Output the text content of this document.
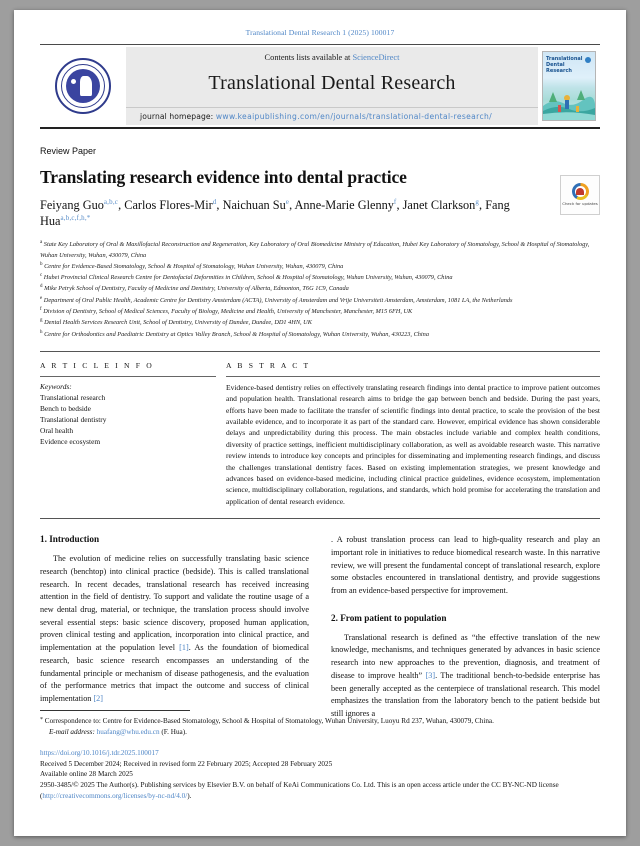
Translational Dental Research 1 (2025) 100017
Contents lists available at ScienceDirect
Translational Dental Research
journal homepage: www.keaipublishing.com/en/journals/translational-dental-research/
Translational Dental Research
Review Paper
Translating research evidence into dental practice
Feiyang Guo$^{a,b,c}$, Carlos Flores-Mir$^d$, Naichuan Su$^e$, Anne-Marie Glenny$^f$, Janet Clarkson$^g$, Fang Hua$^{a,b,c,f,h,*}$
Check for updates
$^a$ State Key Laboratory of Oral & Maxillofacial Reconstruction and Regeneration, Key Laboratory of Oral Biomedicine Ministry of Education, Hubei Key Laboratory of Stomatology, School & Hospital of Stomatology, Wuhan University, Wuhan, 430079, China
$^b$ Centre for Evidence-Based Stomatology, School & Hospital of Stomatology, Wuhan University, Wuhan, 430079, China
$^c$ Hubei Provincial Clinical Research Centre for Dentofacial Deformities in Children, School & Hospital of Stomatology, Wuhan University, Wuhan, 430079, China
$^d$ Mike Petryk School of Dentistry, Faculty of Medicine and Dentistry, University of Alberta, Edmonton, T6G 1C9, Canada
$^e$ Department of Oral Public Health, Academic Centre for Dentistry Amsterdam (ACTA), University of Amsterdam and Vrije Universiteit Amsterdam, Amsterdam, 1081 LA, the Netherlands
$^f$ Division of Dentistry, School of Medical Sciences, Faculty of Biology, Medicine and Health, University of Manchester, Manchester, M15 6FH, UK
$^g$ Dental Health Services Research Unit, School of Dentistry, University of Dundee, Dundee, DD1 4HN, UK
$^h$ Centre for Orthodontics and Paediatric Dentistry at Optics Valley Branch, School & Hospital of Stomatology, Wuhan University, Wuhan, 430223, China
A R T I C L E I N F O
Keywords:
Translational research
Bench to bedside
Translational dentistry
Oral health
Evidence ecosystem
A B S T R A C T
Evidence-based dentistry relies on effectively translating research findings into dental practice to improve patient outcomes and population health. Translational research aims to bridge the gap between bench and bedside. During the past years, efforts have been made to facilitate the transfer of scientific findings into dental practice, to scale the provision of the best available evidence, and to incorporate it as part of the standard care. However, empirical evidence has shown considerable delays and unpredictability during this process. The main obstacles include variable and complex health conditions, diversity of practice settings, inefficient multidisciplinary collaboration, as well as avoidable research waste. This narrative review intends to introduce key concepts and principles for disseminating and implementing research findings, and discuss the challenges translational dentistry faces. Based on existing implementation strategies, we present knowledge and advances based on evidence-based medicine, including clinical practice guidelines, evidence ecosystem, implementation science, multidisciplinary collaboration, regulations, and standards, which hold promise for accelerating the translation and application of dental research evidence.
1. Introduction

The evolution of medicine relies on successfully translating basic science research (benchtop) into clinical practice (bedside). This is called translational research. In recent decades, translational research has received increasing attention in the field of dentistry. To support and validate the routine usage of a new dental drug, material, or technique, the translation process should involve several essential steps: basic science discovery, proposed human application, proven clinical testing and application, incorporation into clinical practice, and implementation at the population level [1]. As the foundation of biomedical research, basic science research encompasses an understanding of the fundamental principle or mechanism of disease pathogenesis, and the evaluation of the performance metrics that impact the outcome and success of clinical implementation [2]

. A robust translation process can lead to high-quality research and play an important role in initiatives to reduce biomedical research waste. In this narrative review, we will present the fundamental concept of translational research, explore some obstacles encountered in translational dentistry, and provide suggestions from an evidence-based perspective for improvement.

2. From patient to population

Translational research is defined as “the effective translation of the new knowledge, mechanisms, and techniques generated by advances in basic science research into new approaches to the prevention, diagnosis, and treatment of disease to improve health” [3]. The traditional bench-to-bedside enterprise has been generally accepted as the centerpiece of translational research. This model emphasizes the translation from the laboratory bench to the patient bedside but still ignores a

* Correspondence to: Centre for Evidence-Based Stomatology, School & Hospital of Stomatology, Wuhan University, Luoyu Rd 237, Wuhan, 430079, China.
E-mail address: huafang@whu.edu.cn (F. Hua).
https://doi.org/10.1016/j.tdr.2025.100017
Received 5 December 2024; Received in revised form 22 February 2025; Accepted 28 February 2025
Available online 28 March 2025
2950-3485/© 2025 The Author(s). Publishing services by Elsevier B.V. on behalf of KeAi Communications Co. Ltd. This is an open access article under the CC BY-NC-ND license (http://creativecommons.org/licenses/by-nc-nd/4.0/).
